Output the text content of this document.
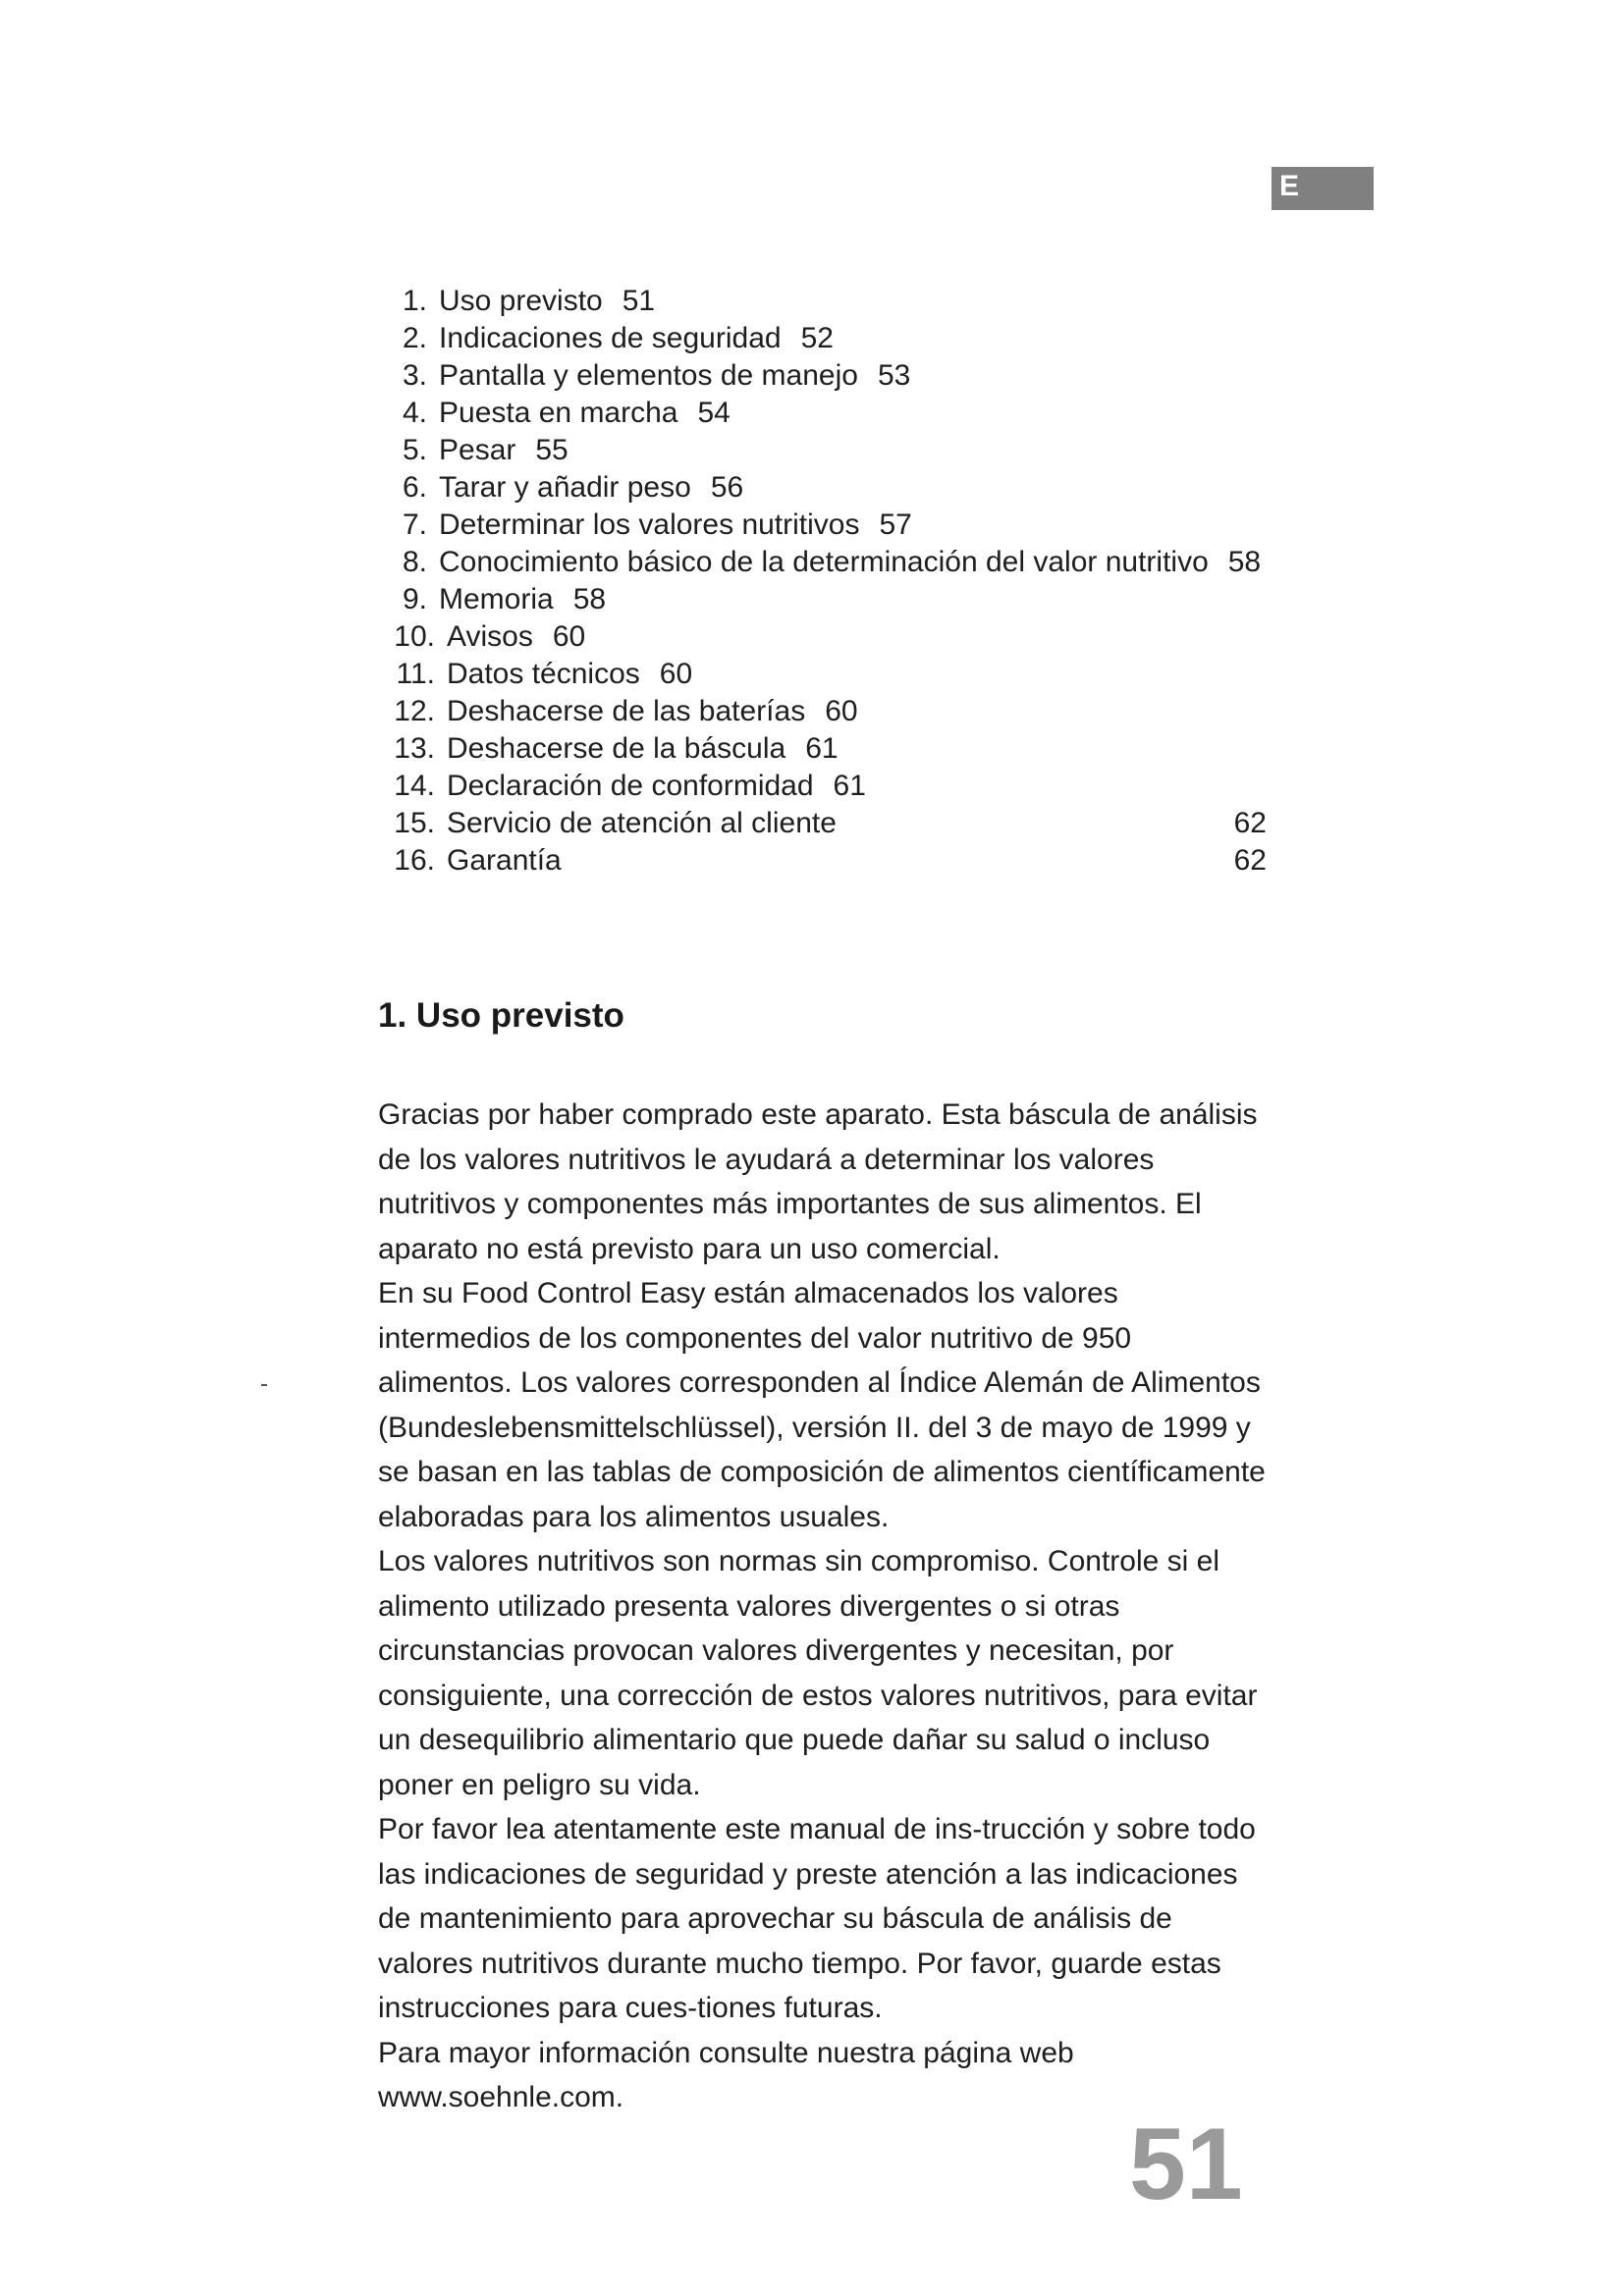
E
1. Uso previsto 51
2. Indicaciones de seguridad 52
3. Pantalla y elementos de manejo 53
4. Puesta en marcha 54
5. Pesar 55
6. Tarar y añadir peso 56
7. Determinar los valores nutritivos 57
8. Conocimiento básico de la determinación del valor nutritivo 58
9. Memoria 58
10. Avisos 60
11. Datos técnicos 60
12. Deshacerse de las baterías 60
13. Deshacerse de la báscula 61
14. Declaración de conformidad 61
15. Servicio de atención al cliente	62
16. Garantía	62
1. Uso previsto

Gracias por haber comprado este aparato. Esta báscula de análisis de los valores nutritivos le ayudará a determinar los valores nutritivos y componentes más importantes de sus alimentos. El aparato no está previsto para un uso comercial.

En su Food Control Easy están almacenados los valores intermedios de los componentes del valor nutritivo de 950 alimentos. Los valores corresponden al Índice Alemán de Alimentos (Bundeslebensmittelschlüssel), versión II. del 3 de mayo de 1999 y se basan en las tablas de composición de alimentos científicamente elaboradas para los alimentos usuales.

Los valores nutritivos son normas sin compromiso. Controle si el alimento utilizado presenta valores divergentes o si otras circunstancias provocan valores divergentes y necesitan, por consiguiente, una corrección de estos valores nutritivos, para evitar un desequilibrio alimentario que puede dañar su salud o incluso poner en peligro su vida.

Por favor lea atentamente este manual de ins-trucción y sobre todo las indicaciones de seguridad y preste atención a las indicaciones de mantenimiento para aprovechar su báscula de análisis de valores nutritivos durante mucho tiempo. Por favor, guarde estas instrucciones para cues-tiones futuras.

Para mayor información consulte nuestra página web www.soehnle.com.

51
